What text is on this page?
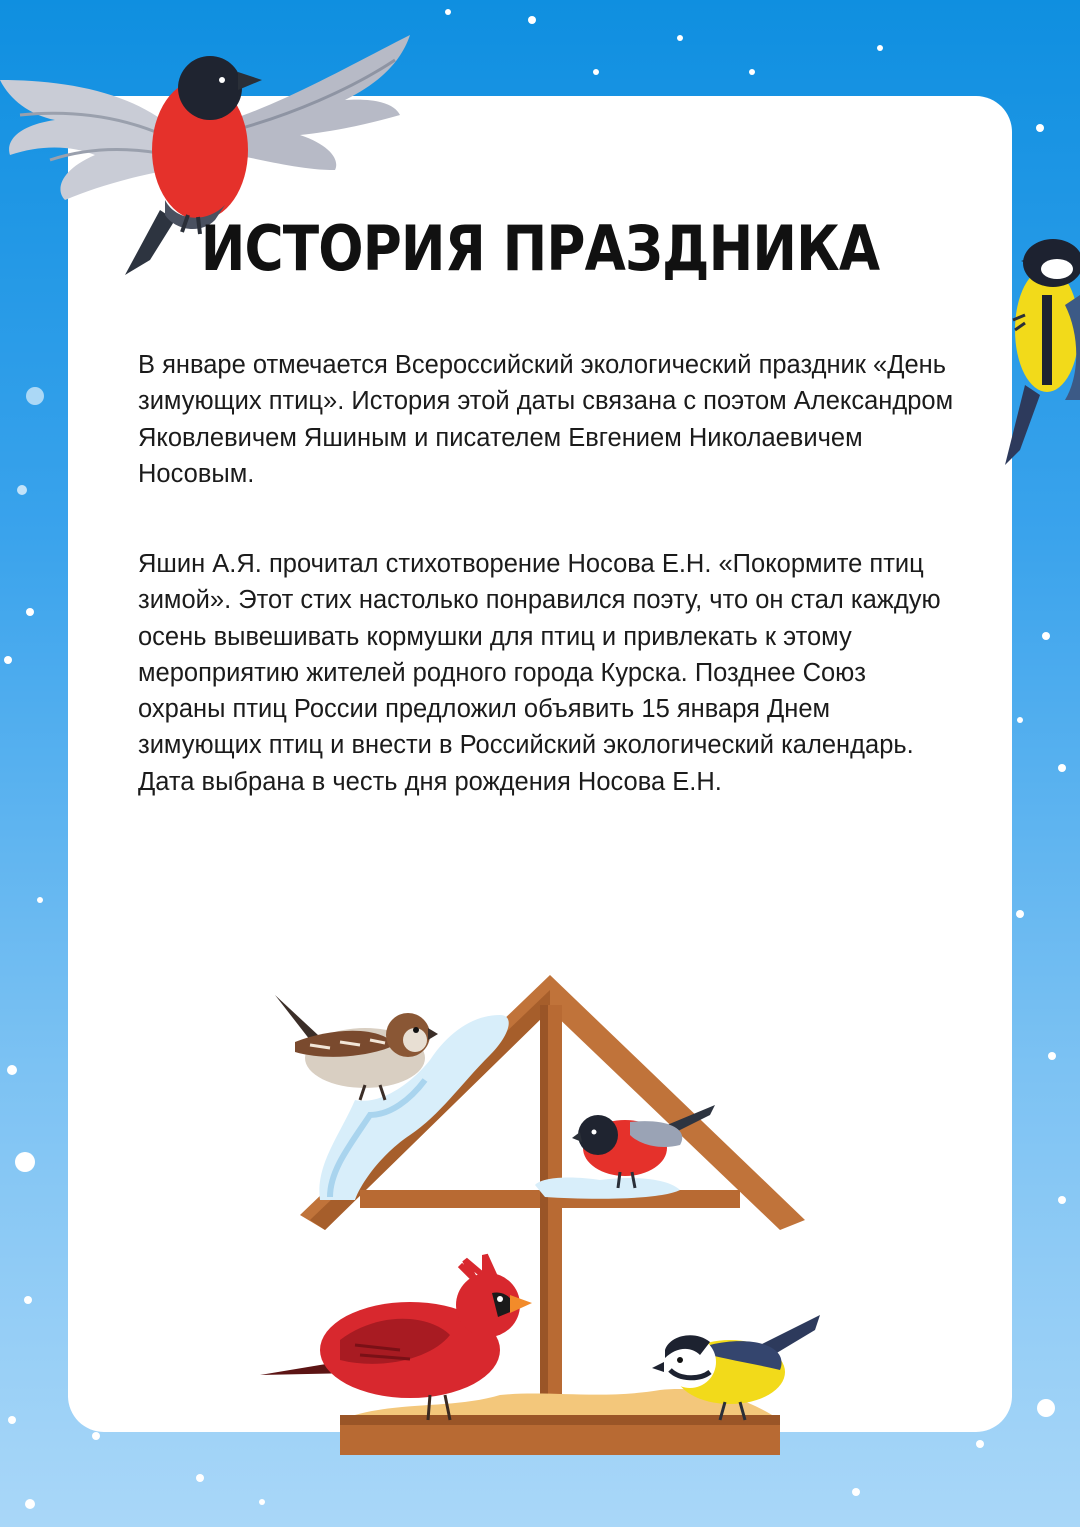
ИСТОРИЯ ПРАЗДНИКА

В январе отмечается Всероссийский экологический праздник «День зимующих птиц». История этой даты связана с поэтом Александром Яковлевичем Яшиным и писателем Евгением Николаевичем Носовым.

Яшин А.Я. прочитал стихотворение Носова Е.Н. «Покормите птиц зимой». Этот стих настолько понравился поэту, что он стал каждую осень вывешивать кормушки для птиц и привлекать к этому мероприятию жителей родного города Курска. Позднее Союз охраны птиц России предложил объявить 15 января Днем зимующих птиц и внести в Российский экологический календарь. Дата выбрана в честь дня рождения Носова Е.Н.
